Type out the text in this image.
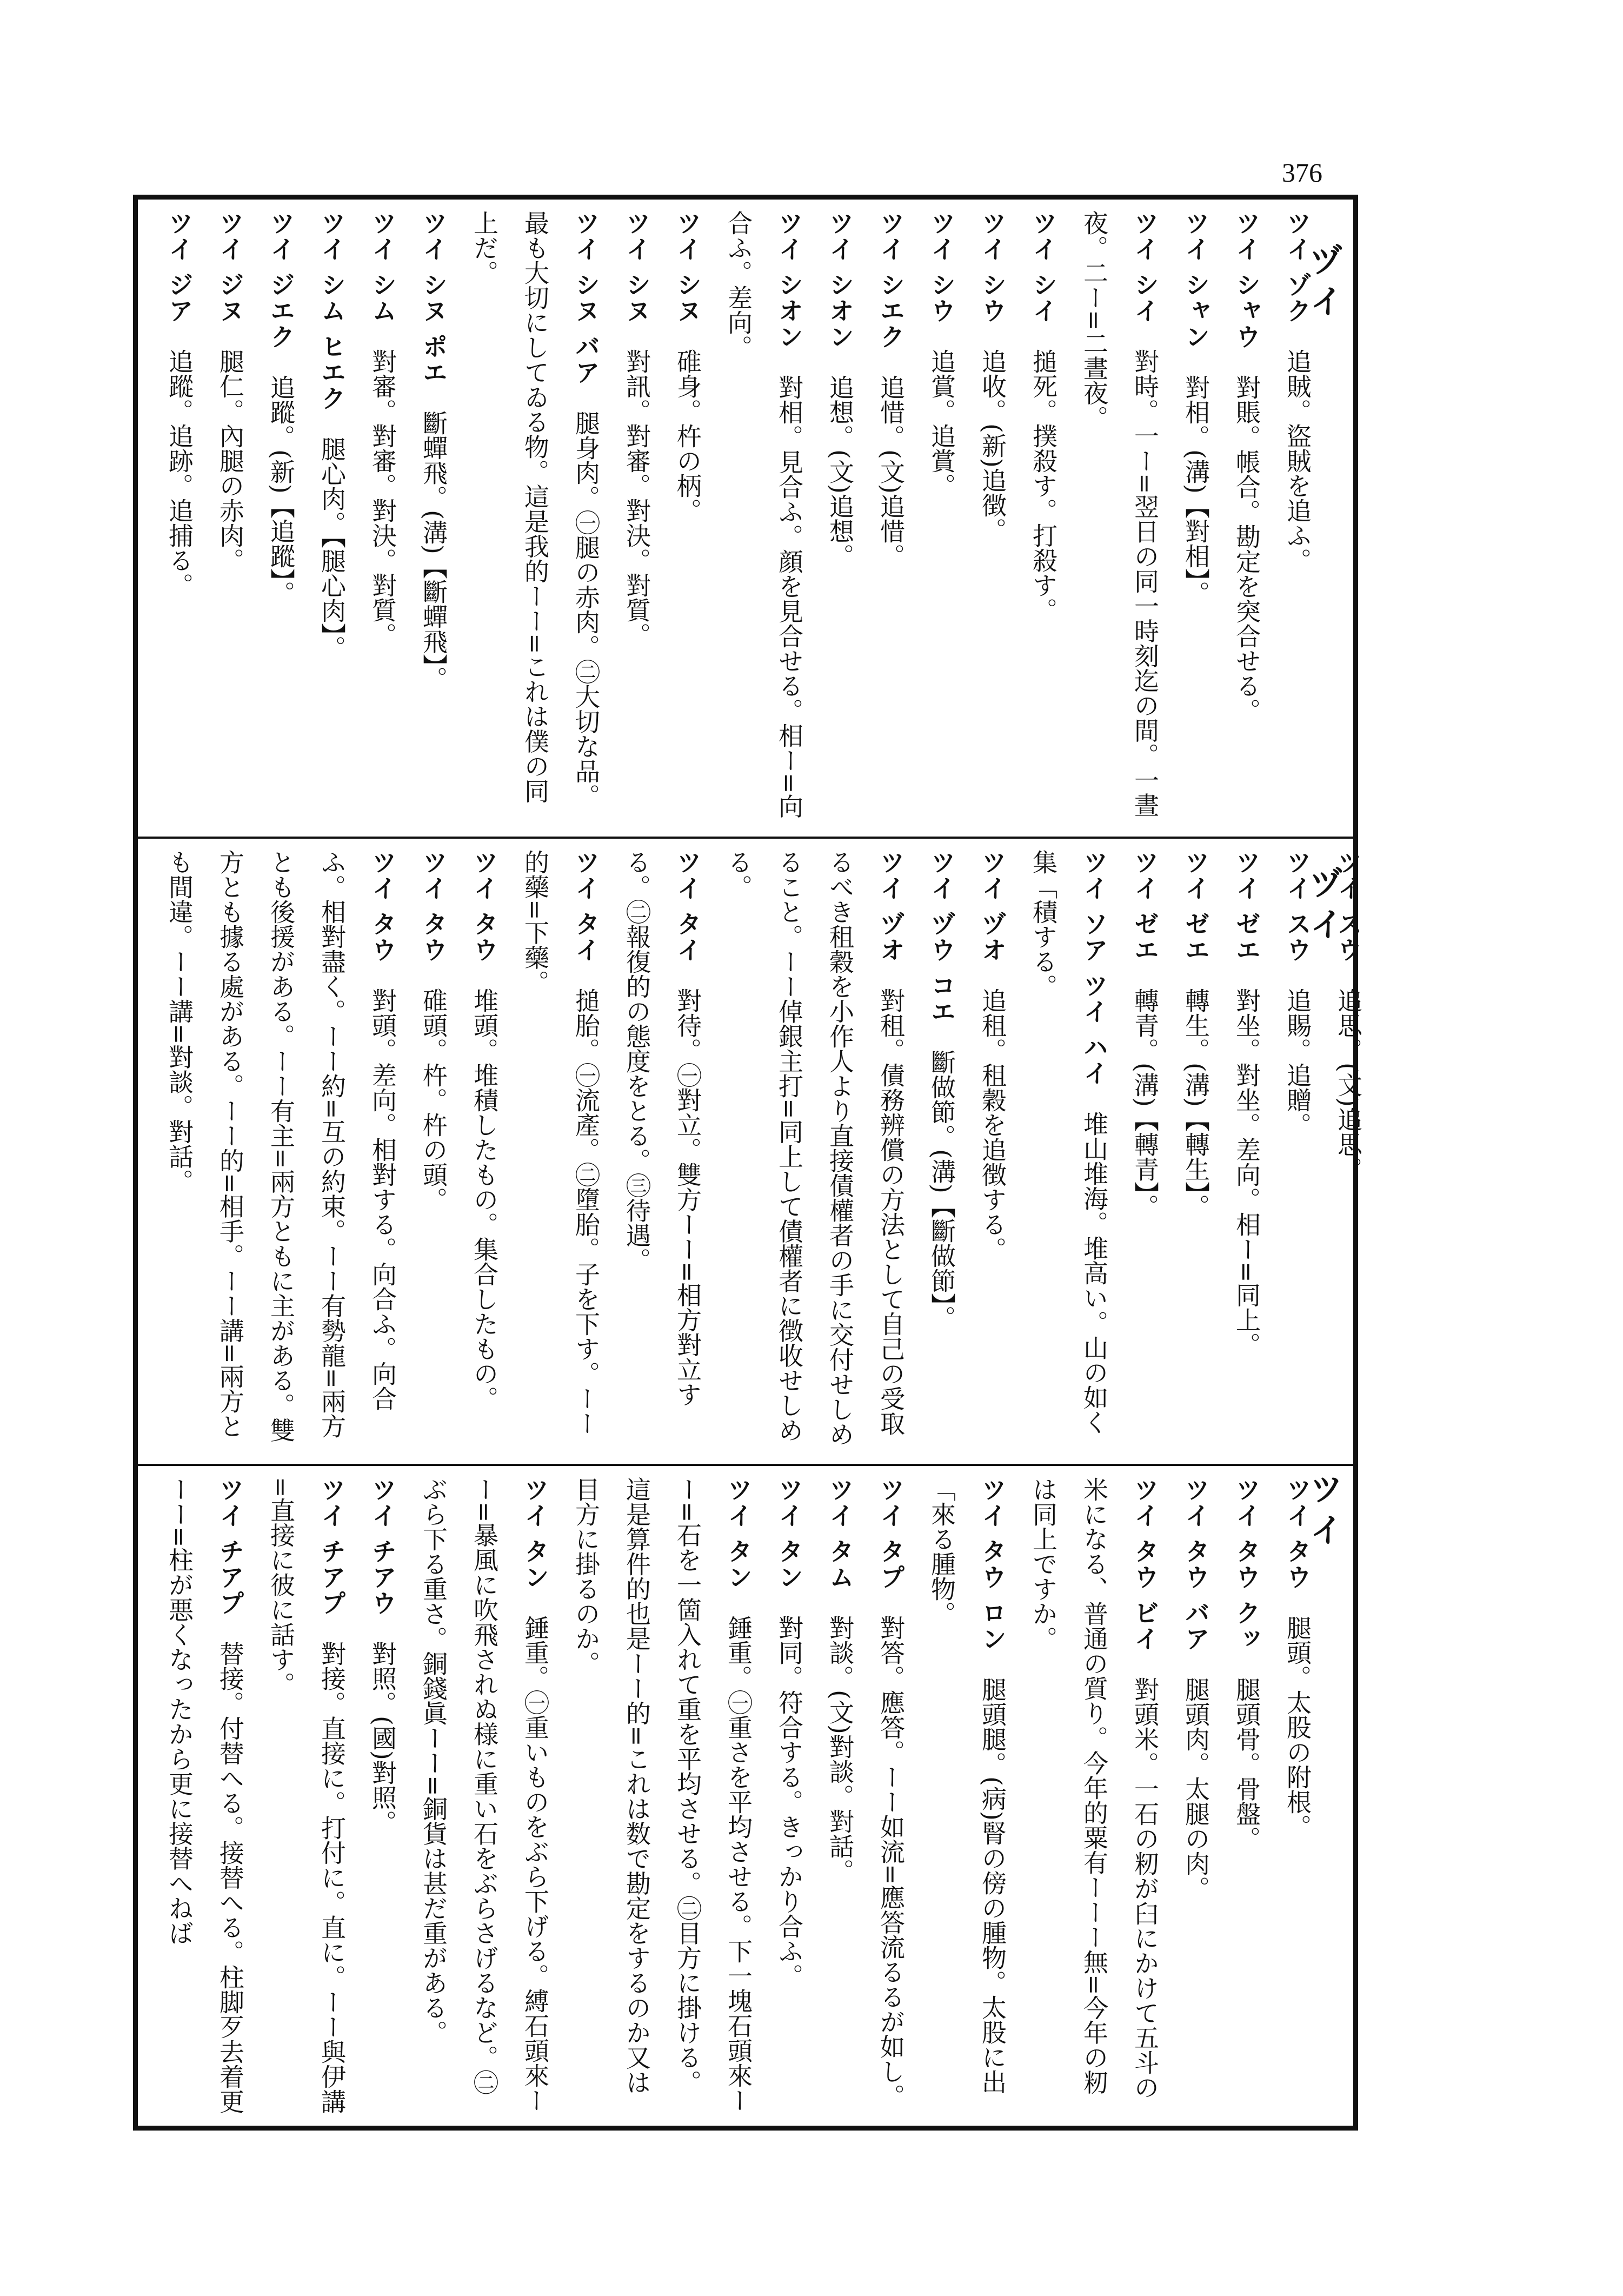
376
ヅイ

ツイ ゾク　追賊。盜賊を追ふ。

ツイ シャウ　對賬。帳合。勘定を突合せる。

ツイ シャン　對相。(溝)【對相】。

ツイ シイ　對時。一ー=翌日の同一時刻迄の間。一晝夜。二ー=二晝夜。

ツイ シイ　搥死。撲殺す。打殺す。

ツイ シウ　追收。(新)追徴。

ツイ シウ　追賞。追賞。

ツイ シエク　追惜。(文)追惜。

ツイ シオン　追想。(文)追想。

ツイ シオン　對相。見合ふ。顔を見合せる。相ー=向合ふ。差向。

ツイ シヌ　碓身。杵の柄。

ツイ シヌ　對訊。對審。對決。對質。

ツイ シヌ バア　腿身肉。㊀腿の赤肉。㊁大切な品。最も大切にしてゐる物。這是我的ーー=これは僕の同上だ。

ツイ シヌ ポエ　斷蟬飛。(溝)【斷蟬飛】。

ツイ シム　對審。對審。對決。對質。

ツイ シム ヒエク　腿心肉。【腿心肉】。

ツイ ジエク　追蹤。(新)【追蹤】。

ツイ ジヌ　腿仁。內腿の赤肉。

ツイ ジア　追蹤。追跡。追捕る。

ヅイ

ツイ スウ　追思。(文)追思。

ツイ スウ　追賜。追贈。

ツイ ゼエ　對坐。對坐。差向。相ー=同上。

ツイ ゼエ　轉生。(溝)【轉生】。

ツイ ゼエ　轉青。(溝)【轉青】。

ツイ ソア ツイ ハイ　堆山堆海。堆高い。山の如く集「積する。

ツイ ヅオ　追租。租穀を追徴する。

ツイ ヅウ コエ　斷做節。(溝)【斷做節】。

ツイ ヅオ　對租。債務辨償の方法として自己の受取るべき租穀を小作人より直接債權者の手に交付せしめること。ーー倬銀主打=同上して債權者に徴收せしめる。

ツイ タイ　對待。㊀對立。雙方ーー=相方對立する。㊁報復的の態度をとる。㊂待遇。

ツイ タイ　搥胎。㊀流產。㊁墮胎。子を下す。ーー的藥=下藥。

ツイ タウ　堆頭。堆積したもの。集合したもの。

ツイ タウ　碓頭。杵。杵の頭。

ツイ タウ　對頭。差向。相對する。向合ふ。向合ふ。相對盡く。ーー約=互の約束。ーー有勢龍=兩方とも後援がある。ーー有主=兩方ともに主がある。雙方とも據る處がある。ーー的=相手。ーー講=兩方とも間違。ーー講=對談。對話。

ツイ

ツイ タウ　腿頭。太股の附根。

ツイ タウ クッ　腿頭骨。骨盤。

ツイ タウ バア　腿頭肉。太腿の肉。

ツイ タウ ビイ　對頭米。一石の籾が臼にかけて五斗の米になる、普通の質り。今年的粟有ーーー無=今年の籾は同上ですか。

ツイ タウ ロン　腿頭腿。(病)腎の傍の腫物。太股に出「來る腫物。

ツイ タプ　對答。應答。ーー如流=應答流るるが如し。

ツイ タム　對談。(文)對談。對話。

ツイ タン　對同。符合する。きっかり合ふ。

ツイ タン　錘重。㊀重さを平均させる。下一塊石頭來ーー=石を一箇入れて重を平均させる。㊁目方に掛ける。這是算件的也是ーー的=これは数で勘定をするのか又は目方に掛るのか。

ツイ タン　錘重。㊀重いものをぶら下げる。縛石頭來ーー=暴風に吹飛されぬ様に重い石をぶらさげるなど。㊁ぶら下る重さ。銅錢眞ーー=銅貨は甚だ重がある。

ツイ チアウ　對照。(國)對照。

ツイ チアプ　對接。直接に。打付に。直に。ーー與伊講=直接に彼に話す。

ツイ チアプ　替接。付替へる。接替へる。柱脚歹去着更ーー=柱が悪くなったから更に接替へねば
